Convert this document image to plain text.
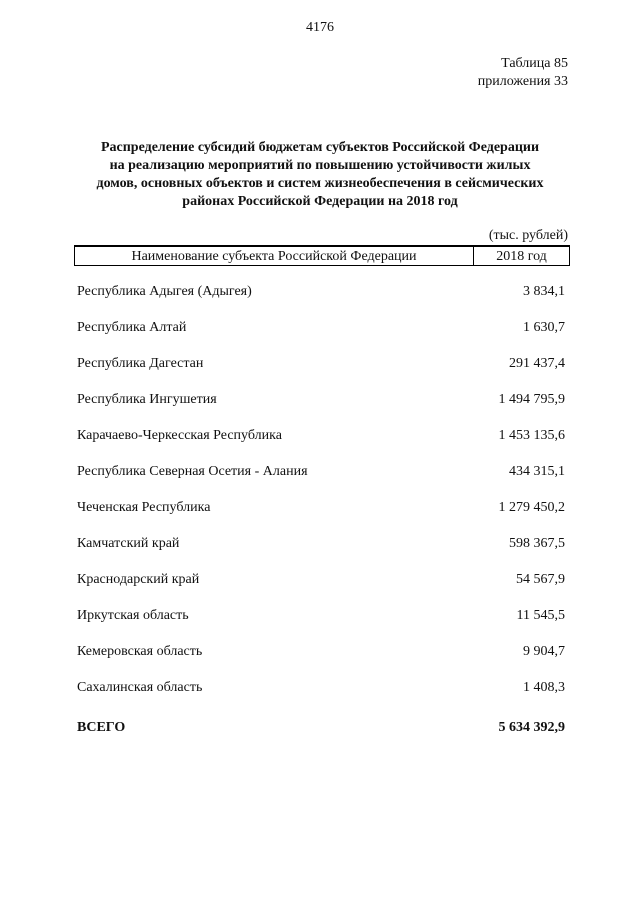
4176
Таблица 85
приложения 33
Распределение субсидий бюджетам субъектов Российской Федерации
на реализацию мероприятий по повышению устойчивости жилых
домов, основных объектов и систем жизнеобеспечения в сейсмических
районах Российской Федерации на 2018 год
(тыс. рублей)
Наименование субъекта Российской Федерации	2018 год
Республика Адыгея (Адыгея)	3 834,1
Республика Алтай	1 630,7
Республика Дагестан	291 437,4
Республика Ингушетия	1 494 795,9
Карачаево-Черкесская Республика	1 453 135,6
Республика Северная Осетия - Алания	434 315,1
Чеченская Республика	1 279 450,2
Камчатский край	598 367,5
Краснодарский край	54 567,9
Иркутская область	11 545,5
Кемеровская область	9 904,7
Сахалинская область	1 408,3
ВСЕГО	5 634 392,9
